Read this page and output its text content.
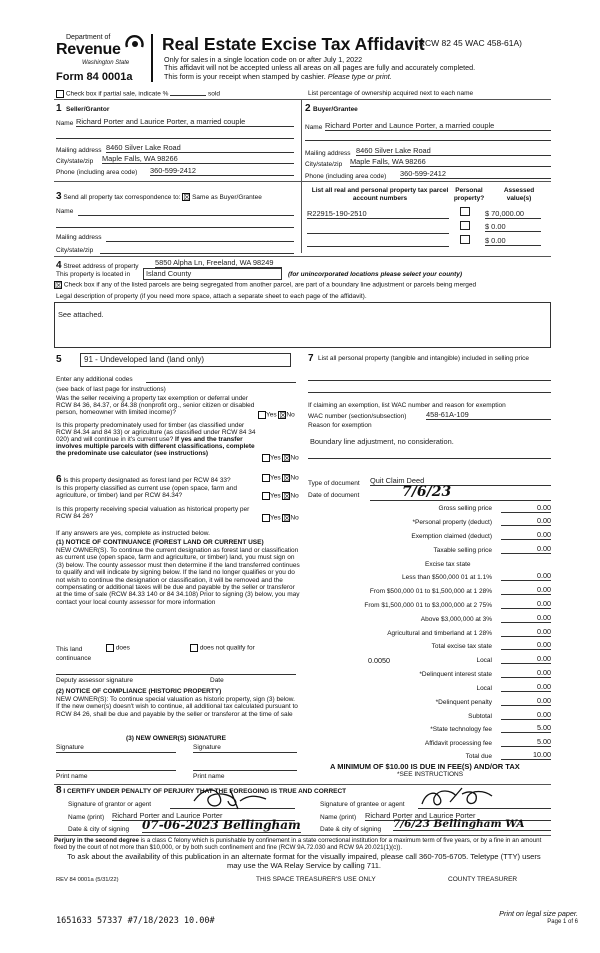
Department of
Revenue
Washington State
Form 84 0001a
Real Estate Excise Tax Affidavit
(RCW 82 45 WAC 458-61A)
Only for sales in a single location code on or after July 1, 2022
This affidavit will not be accepted unless all areas on all pages are fully and accurately completed.
This form is your receipt when stamped by cashier. Please type or print.
Check box if partial sale, indicate %	sold	List percentage of ownership acquired next to each name
1 Seller/Grantor
Name Richard Porter and Laurice Porter, a married couple
Mailing address 8460 Silver Lake Road
City/state/zip Maple Falls, WA 98266
Phone (including area code) 360-599-2412
2 Buyer/Grantee
Name Richard Porter and Launce Porter, a married couple
Mailing address 8460 Silver Lake Road
City/state/zip Maple Falls, WA 98266
Phone (including area code) 360-599-2412
3 Send all property tax correspondence to: ☒ Same as Buyer/Grantee
Name
Mailing address
City/state/zip
List all real and personal property tax parcel account numbers
Personal property?
Assessed value(s)
R22915-190-2510	$ 70,000.00
$ 0.00
$ 0.00
4 Street address of property 5850 Alpha Ln, Freeland, WA 98249
This property is located in	Island County	(for unincorporated locations please select your county)
☒ Check box if any of the listed parcels are being segregated from another parcel, are part of a boundary line adjustment or parcels being merged
Legal description of property (if you need more space, attach a separate sheet to each page of the affidavit).
See attached.
5	91 - Undeveloped land (land only)
Enter any additional codes
(see back of last page for instructions)
Was the seller receiving a property tax exemption or deferral under RCW 84 36, 84.37, or 84.38 (nonprofit org., senior citizen or disabled person, homeowner with limited income)?	Yes ☒No
Is this property predominately used for timber (as classified under RCW 84.34 and 84 33) or agriculture (as classified under RCW 84 34 020) and will continue in it's current use? If yes and the transfer involves multiple parcels with different classifications, complete the predominate use calculator (see instructions)
Yes ☒No
6 Is this property designated as forest land per RCW 84 33?	Yes ☒No
Is this property classified as current use (open space, farm and agriculture, or timber) land per RCW 84.34?	Yes ☒No
Is this property receiving special valuation as historical property per RCW 84 26?	Yes ☒No
If any answers are yes, complete as instructed below.
(1) NOTICE OF CONTINUANCE (FOREST LAND OR CURRENT USE)
NEW OWNER(S). To continue the current designation as forest land or classification as current use (open space, farm and agriculture, or timber) land, you must sign on (3) below. The county assessor must then determine if the land transferred continues to qualify and will indicate by signing below. If the land no longer qualifies or you do not wish to continue the designation or classification, it will be removed and the compensating or additional taxes will be due and payable by the seller or transferor at the time of sale (RCW 84.33 140 or 84 34.108) Prior to signing (3) below, you may contact your local county assessor for more information
This land
continuance
does	does not qualify for
Deputy assessor signature	Date
(2) NOTICE OF COMPLIANCE (HISTORIC PROPERTY)
NEW OWNER(S): To continue special valuation as historic property, sign (3) below. If the new owner(s) doesn't wish to continue, all additional tax calculated pursuant to RCW 84 26, shall be due and payable by the seller or transferor at the time of sale
(3) NEW OWNER(S) SIGNATURE
Signature	Signature
Print name	Print name
7 List all personal property (tangible and intangible) included in selling price
If claiming an exemption, list WAC number and reason for exemption
WAC number (section/subsection)	458-61A-109
Reason for exemption
Boundary line adjustment, no consideration.
Type of document Quit Claim Deed
Date of document	7/6/23
Gross selling price	0.00
*Personal property (deduct)	0.00
Exemption claimed (deduct)	0.00
Taxable selling price	0.00
Excise tax state
Less than $500,000 01 at 1.1%	0.00
From $500,000 01 to $1,500,000 at 1 28%	0.00
From $1,500,000 01 to $3,000,000 at 2 75%	0.00
Above $3,000,000 at 3%	0.00
Agricultural and timberland at 1 28%	0.00
Total excise tax state	0.00
0.0050	Local	0.00
*Delinquent interest state	0.00
Local	0.00
*Delinquent penalty	0.00
Subtotal	0.00
*State technology fee	5.00
Affidavit processing fee	5.00
Total due	10.00
A MINIMUM OF $10.00 IS DUE IN FEE(S) AND/OR TAX
*SEE INSTRUCTIONS
8 I CERTIFY UNDER PENALTY OF PERJURY THAT THE FOREGOING IS TRUE AND CORRECT
Signature of grantor or agent
Name (print) Richard Porter and Laurice Porter
Date & city of signing 07-06-2023 Bellingham
Signature of grantee or agent
Name (print) Richard Porter and Laurice Porter
Date & city of signing 7/6/23 Bellingham WA
Perjury in the second degree is a class C felony which is punishable by confinement in a state correctional institution for a maximum term of five years, or by a fine in an amount fixed by the court of not more than $10,000, or by both such confinement and fine (RCW 9A.72.030 and RCW 9A 20.021(1)(c)).
To ask about the availability of this publication in an alternate format for the visually impaired, please call 360-705-6705. Teletype (TTY) users may use the WA Relay Service by calling 711.
REV 84 0001a (5/31/22)	THIS SPACE TREASURER'S USE ONLY	COUNTY TREASURER
1651633 57337 #7/18/2023 10.00#
Print on legal size paper.
Page 1 of 6
